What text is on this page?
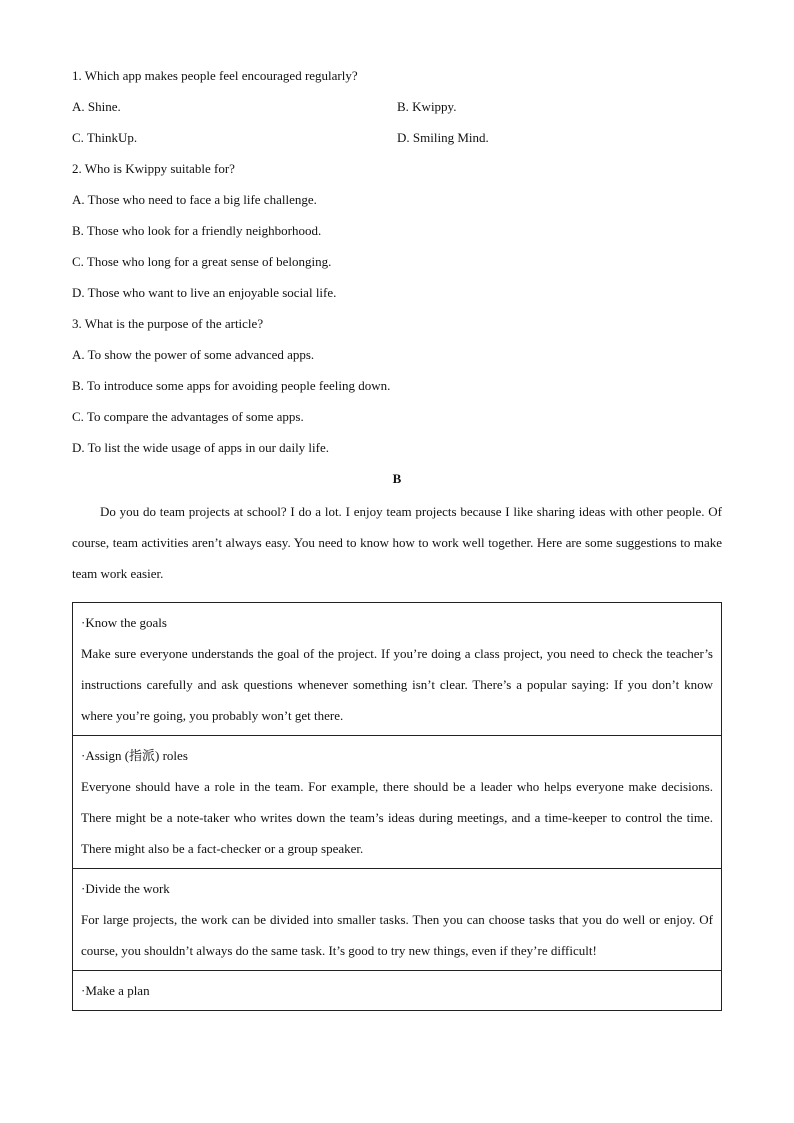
1. Which app makes people feel encouraged regularly?
A. Shine.	B. Kwippy.
C. ThinkUp.	D. Smiling Mind.
2. Who is Kwippy suitable for?
A. Those who need to face a big life challenge.
B. Those who look for a friendly neighborhood.
C. Those who long for a great sense of belonging.
D. Those who want to live an enjoyable social life.
3. What is the purpose of the article?
A. To show the power of some advanced apps.
B. To introduce some apps for avoiding people feeling down.
C. To compare the advantages of some apps.
D. To list the wide usage of apps in our daily life.
B

Do you do team projects at school? I do a lot. I enjoy team projects because I like sharing ideas with other people. Of course, team activities aren’t always easy. You need to know how to work well together. Here are some suggestions to make team work easier.

·Know the goals
Make sure everyone understands the goal of the project. If you’re doing a class project, you need to check the teacher’s instructions carefully and ask questions whenever something isn’t clear. There’s a popular saying: If you don’t know where you’re going, you probably won’t get there.
·Assign (指派) roles
Everyone should have a role in the team. For example, there should be a leader who helps everyone make decisions. There might be a note-taker who writes down the team’s ideas during meetings, and a time-keeper to control the time. There might also be a fact-checker or a group speaker.
·Divide the work
For large projects, the work can be divided into smaller tasks. Then you can choose tasks that you do well or enjoy. Of course, you shouldn’t always do the same task. It’s good to try new things, even if they’re difficult!
·Make a plan
